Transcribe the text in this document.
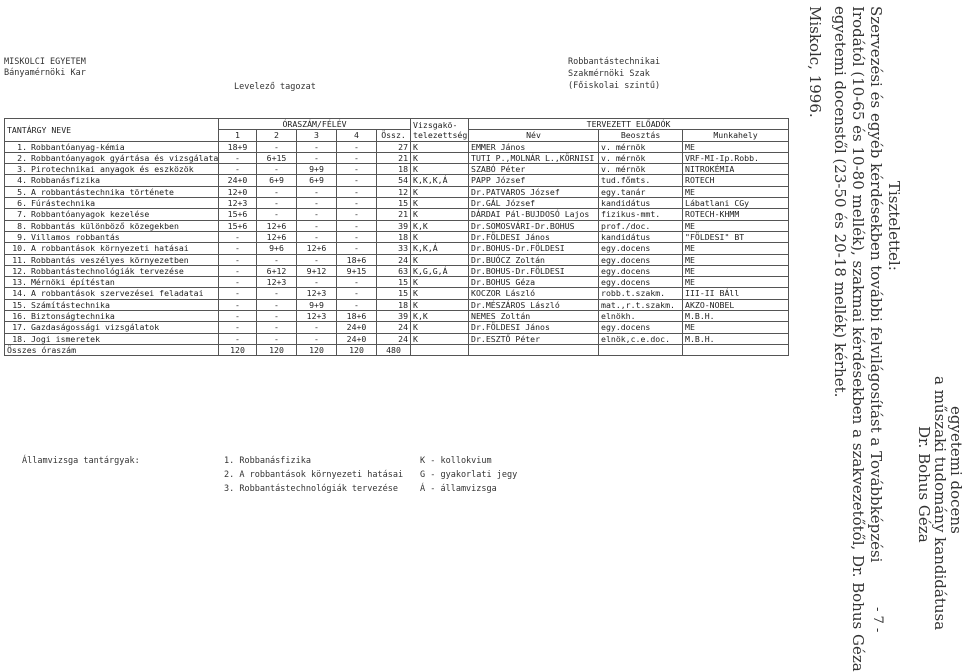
MISKOLCI EGYETEM
Bányamérnöki Kar
Levelező tagozat
Robbantástechnikai
Szakmérnöki Szak
(Főiskolai szintű)
TANTÁRGY NEVE	ÓRASZÁM/FÉLÉV					Vizsgakö-
telezettség	TERVEZETT ELŐADÓK		
	1	2	3	4	Össz.		Név	Beosztás	Munkahely
1. Robbantóanyag-kémia	18+9	-	-	-	27	K	EMMER János	v. mérnök	ME
2. Robbantóanyagok gyártása és vizsgálata	-	6+15	-	-	21	K	TUTI P.,MOLNÁR L.,KÖRNISI	v. mérnök	VRF-MI-Ip.Robb.
3. Pirotechnikai anyagok és eszközök	-	-	9+9	-	18	K	SZABÓ Péter	v. mérnök	NITROKÉMIA
4. Robbanásfizika	24+0	6+9	6+9	-	54	K,K,K,Á	PAPP József	tud.főmts.	ROTECH
5. A robbantástechnika története	12+0	-	-	-	12	K	Dr.PATVAROS József	egy.tanár	ME
6. Fúrástechnika	12+3	-	-	-	15	K	Dr.GÁL József	kandidátus	Lábatlani CGy
7. Robbantóanyagok kezelése	15+6	-	-	-	21	K	DÁRDAI Pál-BUJDOSÓ Lajos	fizikus-mmt.	ROTECH-KHMM
8. Robbantás különböző közegekben	15+6	12+6	-	-	39	K,K	Dr.SOMOSVÁRI-Dr.BOHUS	prof./doc.	ME
9. Villamos robbantás	-	12+6	-	-	18	K	Dr.FÖLDESI János	kandidátus	"FÖLDESI" BT
10. A robbantások környezeti hatásai	-	9+6	12+6	-	33	K,K,Á	Dr.BOHUS-Dr.FÖLDESI	egy.docens	ME
11. Robbantás veszélyes környezetben	-	-	-	18+6	24	K	Dr.BUÓCZ Zoltán	egy.docens	ME
12. Robbantástechnológiák tervezése	-	6+12	9+12	9+15	63	K,G,G,Á	Dr.BOHUS-Dr.FÖLDESI	egy.docens	ME
13. Mérnöki építéstan	-	12+3	-	-	15	K	Dr.BOHUS Géza	egy.docens	ME
14. A robbantások szervezései feladatai	-	-	12+3	-	15	K	KOCZOR László	robb.t.szakm.	III-II BÁll
15. Számítástechnika	-	-	9+9	-	18	K	Dr.MÉSZÁROS László	mat.,r.t.szakm.	AKZO-NOBEL
16. Biztonságtechnika	-	-	12+3	18+6	39	K,K	NEMES Zoltán	elnökh.	M.B.H.
17. Gazdaságossági vizsgálatok	-	-	-	24+0	24	K	Dr.FÖLDESI János	egy.docens	ME
18. Jogi ismeretek	-	-	-	24+0	24	K	Dr.ESZTŐ Péter	elnök,c.e.doc.	M.B.H.
Összes óraszám	120	120	120	120	480				
Államvizsga tantárgyak:	1. Robbanásfizika
2. A robbantások környezeti hatásai
3. Robbantástechnológiák tervezése
K - kollokvium
G - gyakorlati jegy
Á - államvizsga
Miskolc, 1996. egyetemi docenstől (23-50 és 20-18 mellék) kérhet. Irodától (10-65 és 10-80 mellék), szakmai kérdésekben a szakvezetőtől, Dr. Bohus Géza Szervezési és egyéb kérdésekben további felvilágosítást a Továbbképzési
- 7 -
Tisztelettel:
Dr. Bohus Géza
a műszaki tudomány kandidátusa
egyetemi docens
